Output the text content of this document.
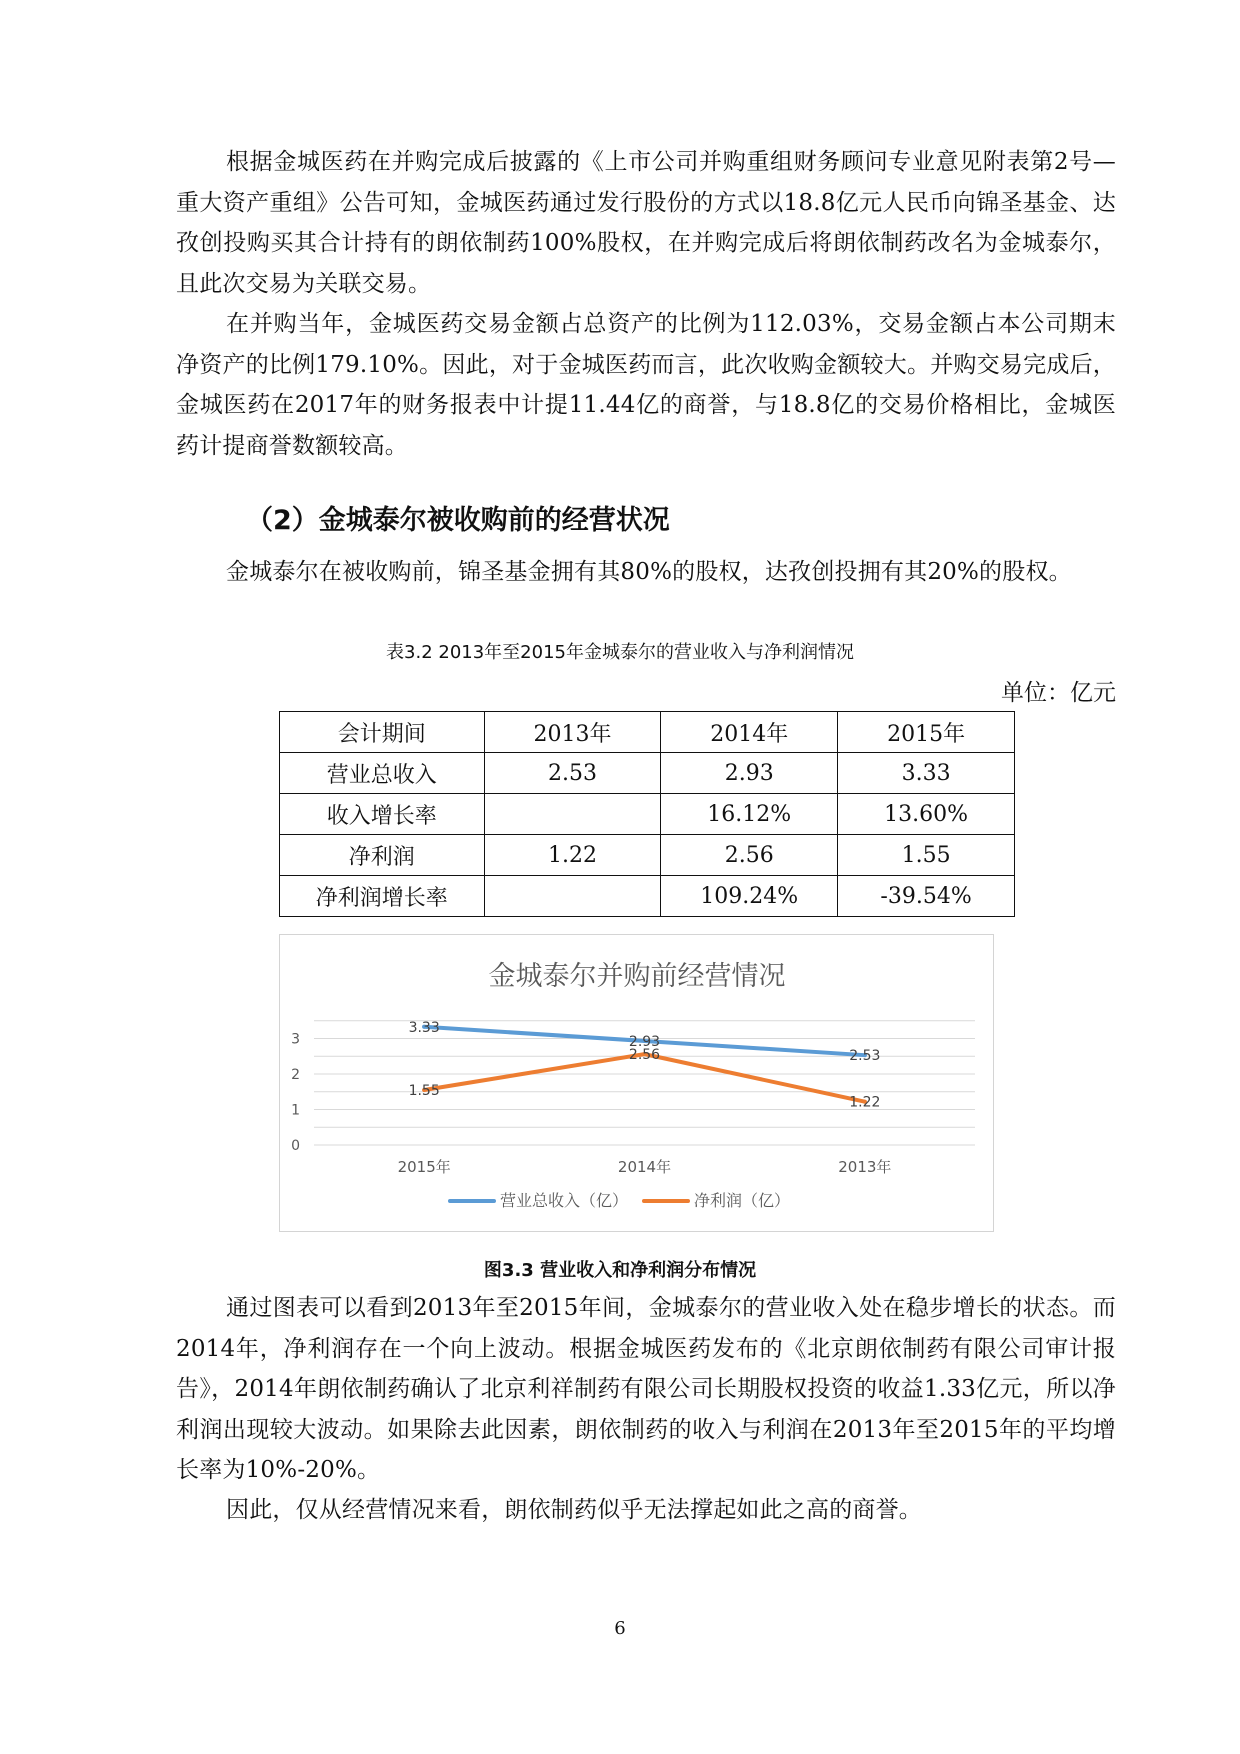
根据金城医药在并购完成后披露的《上市公司并购重组财务顾问专业意见附表第2号—重大资产重组》公告可知，金城医药通过发行股份的方式以18.8亿元人民币向锦圣基金、达孜创投购买其合计持有的朗依制药100%股权，在并购完成后将朗依制药改名为金城泰尔，且此次交易为关联交易。

在并购当年，金城医药交易金额占总资产的比例为112.03%，交易金额占本公司期末净资产的比例179.10%。因此，对于金城医药而言，此次收购金额较大。并购交易完成后，金城医药在2017年的财务报表中计提11.44亿的商誉，与18.8亿的交易价格相比，金城医药计提商誉数额较高。

（2）金城泰尔被收购前的经营状况

金城泰尔在被收购前，锦圣基金拥有其80%的股权，达孜创投拥有其20%的股权。

表3.2 2013年至2015年金城泰尔的营业收入与净利润情况

单位：亿元

会计期间	2013年	2014年	2015年
营业总收入	2.53	2.93	3.33
收入增长率		16.12%	13.60%
净利润	1.22	2.56	1.55
净利润增长率		109.24%	-39.54%
金城泰尔并购前经营情况
0
1
2
3
2015年	2014年	2013年
3.33
2.93
2.53
1.55
2.56
1.22
营业总收入（亿）	净利润（亿）

图3.3 营业收入和净利润分布情况

通过图表可以看到2013年至2015年间，金城泰尔的营业收入处在稳步增长的状态。而2014年，净利润存在一个向上波动。根据金城医药发布的《北京朗依制药有限公司审计报告》，2014年朗依制药确认了北京利祥制药有限公司长期股权投资的收益1.33亿元，所以净利润出现较大波动。如果除去此因素，朗依制药的收入与利润在2013年至2015年的平均增长率为10%-20%。

因此，仅从经营情况来看，朗依制药似乎无法撑起如此之高的商誉。

6
